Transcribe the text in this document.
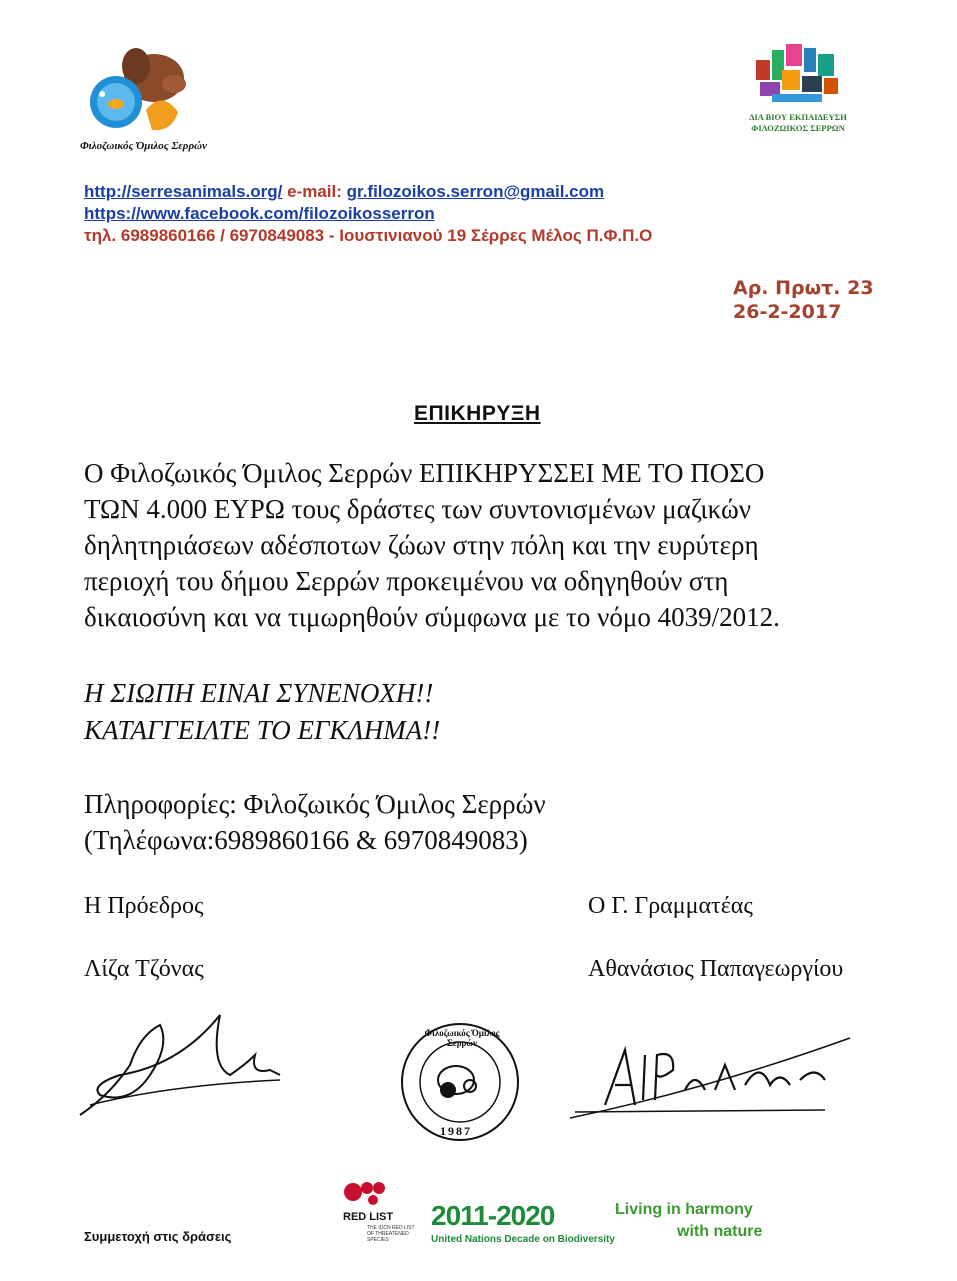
Φιλοζωικός Όμιλος Σερρών
ΔΙΑ ΒΙΟΥ ΕΚΠΑΙΔΕΥΣΗ
ΦΙΛΟΖΩΙΚΟΣ ΣΕΡΡΩΝ
http://serresanimals.org/ e-mail: gr.filozoikos.serron@gmail.com
https://www.facebook.com/filozoikosserron
τηλ. 6989860166 / 6970849083 - Ιουστινιανού 19 Σέρρες Μέλος Π.Φ.Π.Ο
Αρ. Πρωτ. 23
26-2-2017
ΕΠΙΚΗΡΥΞΗ
Ο Φιλοζωικός Όμιλος Σερρών ΕΠΙΚΗΡΥΣΣΕΙ ΜΕ ΤΟ ΠΟΣΟ
ΤΩΝ 4.000 ΕΥΡΩ τους δράστες των συντονισμένων μαζικών
δηλητηριάσεων αδέσποτων ζώων στην πόλη και την ευρύτερη
περιοχή του δήμου Σερρών προκειμένου να οδηγηθούν στη
δικαιοσύνη και να τιμωρηθούν σύμφωνα με το νόμο 4039/2012.
Η ΣΙΩΠΗ ΕΙΝΑΙ ΣΥΝΕΝΟΧΗ!!
ΚΑΤΑΓΓΕΙΛΤΕ ΤΟ ΕΓΚΛΗΜΑ!!
Πληροφορίες: Φιλοζωικός Όμιλος Σερρών
(Τηλέφωνα:6989860166 & 6970849083)
Η Πρόεδρος	Ο Γ. Γραμματέας
Λίζα Τζόνας	Αθανάσιος Παπαγεωργίου
Φιλοζωικός Όμιλος Σερρών
1987
Συμμετοχή στις δράσεις
RED LIST
THE IUCN RED LIST OF THREATENED SPECIES
2011-2020
United Nations Decade on Biodiversity
Living in harmony
with nature
